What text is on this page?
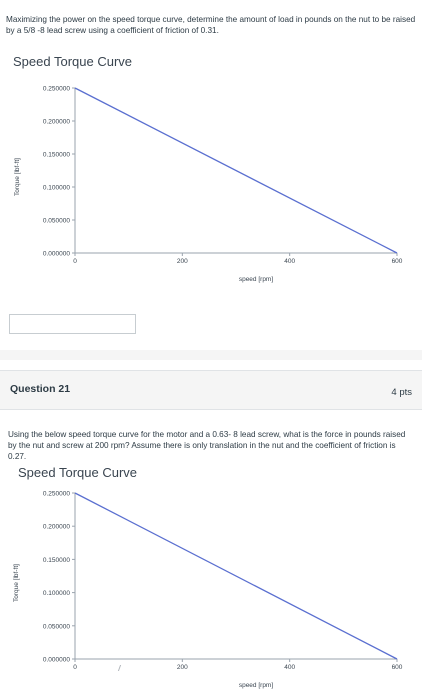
Maximizing the power on the speed torque curve, determine the amount of load in pounds on the nut to be raised by a 5/8 -8 lead screw using a coefficient of friction of 0.31.
Speed Torque Curve
Torque [lbf-ft]
0.000000
0.050000
0.100000
0.150000
0.200000
0.250000
0	200	400	600
speed [rpm]
Question 21	4 pts
Using the below speed torque curve for the motor and a 0.63- 8 lead screw, what is the force in pounds raised by the nut and screw at 200 rpm? Assume there is only translation in the nut and the coefficient of friction is 0.27.
Speed Torque Curve
Torque [lbf-ft]
0.000000
0.050000
0.100000
0.150000
0.200000
0.250000
0	200	400	600
speed [rpm]
